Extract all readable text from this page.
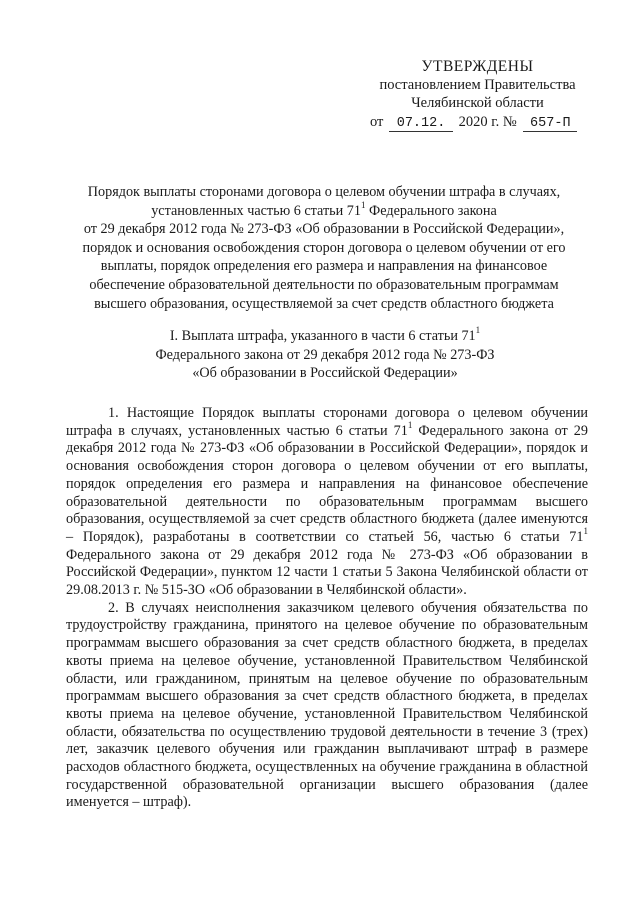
УТВЕРЖДЕНЫ
постановлением Правительства
Челябинской области
от 07.12. 2020 г. № 657-П
Порядок выплаты сторонами договора о целевом обучении штрафа в случаях,
установленных частью 6 статьи $71^1$ Федерального закона
от 29 декабря 2012 года № 273-ФЗ «Об образовании в Российской Федерации»,
порядок и основания освобождения сторон договора о целевом обучении от его
выплаты, порядок определения его размера и направления на финансовое
обеспечение образовательной деятельности по образовательным программам
высшего образования, осуществляемой за счет средств областного бюджета
I. Выплата штрафа, указанного в части 6 статьи $71^1$
Федерального закона от 29 декабря 2012 года № 273-ФЗ
«Об образовании в Российской Федерации»

1. Настоящие Порядок выплаты сторонами договора о целевом обучении штрафа в случаях, установленных частью 6 статьи $71^1$ Федерального закона от 29 декабря 2012 года № 273-ФЗ «Об образовании в Российской Федерации», порядок и основания освобождения сторон договора о целевом обучении от его выплаты, порядок определения его размера и направления на финансовое обеспечение образовательной деятельности по образовательным программам высшего образования, осуществляемой за счет средств областного бюджета (далее именуются – Порядок), разработаны в соответствии со статьей 56, частью 6 статьи $71^1$ Федерального закона от 29 декабря 2012 года № 273-ФЗ «Об образовании в Российской Федерации», пунктом 12 части 1 статьи 5 Закона Челябинской области от 29.08.2013 г. № 515-ЗО «Об образовании в Челябинской области».

2. В случаях неисполнения заказчиком целевого обучения обязательства по трудоустройству гражданина, принятого на целевое обучение по образовательным программам высшего образования за счет средств областного бюджета, в пределах квоты приема на целевое обучение, установленной Правительством Челябинской области, или гражданином, принятым на целевое обучение по образовательным программам высшего образования за счет средств областного бюджета, в пределах квоты приема на целевое обучение, установленной Правительством Челябинской области, обязательства по осуществлению трудовой деятельности в течение 3 (трех) лет, заказчик целевого обучения или гражданин выплачивают штраф в размере расходов областного бюджета, осуществленных на обучение гражданина в областной государственной образовательной организации высшего образования (далее именуется – штраф).
